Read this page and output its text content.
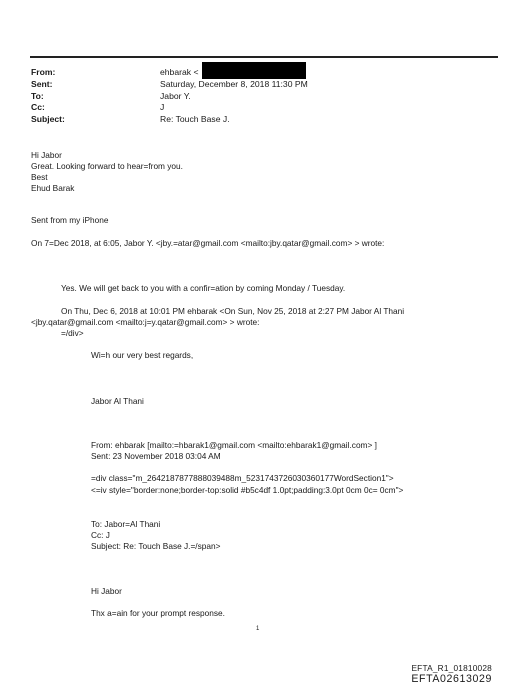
From:	ehbarak <
Sent:	Saturday, December 8, 2018 11:30 PM
To:	Jabor Y.
Cc:	J
Subject:	Re: Touch Base J.
Hi Jabor
Great. Looking forward to hear=from you.
Best
Ehud Barak
Sent from my iPhone
On 7=Dec 2018, at 6:05, Jabor Y. <jby.=atar@gmail.com <mailto:jby.qatar@gmail.com> > wrote:
Yes. We will get back to you with a confir=ation by coming Monday / Tuesday.
On Thu, Dec 6, 2018 at 10:01 PM ehbarak <On Sun, Nov 25, 2018 at 2:27 PM Jabor Al Thani
<jby.qatar@gmail.com <mailto:j=y.qatar@gmail.com> > wrote:
=/div>
Wi=h our very best regards,
Jabor Al Thani
From: ehbarak [mailto:=hbarak1@gmail.com <mailto:ehbarak1@gmail.com> ]
Sent: 23 November 2018 03:04 AM
=div class="m_2642187877888039488m_5231743726030360177WordSection1">
<=iv style="border:none;border-top:solid #b5c4df 1.0pt;padding:3.0pt 0cm 0c= 0cm">
To: Jabor=Al Thani
Cc: J
Subject: Re: Touch Base J.=/span>
Hi Jabor
Thx a=ain for your prompt response.
1
EFTA_R1_01810028
EFTA02613029
